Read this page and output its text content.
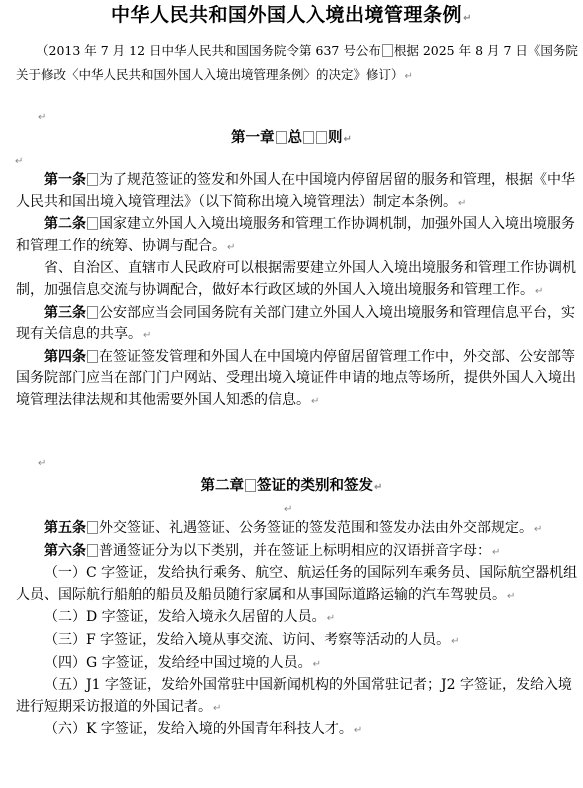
中华人民共和国外国人入境出境管理条例↵
（2013 年 7 月 12 日中华人民共和国国务院令第 637 号公布 根据 2025 年 8 月 7 日《国务院关于修改〈中华人民共和国外国人入境出境管理条例〉的决定》修订）↵
↵
第一章 总 则↵
↵

第一条 为了规范签证的签发和外国人在中国境内停留居留的服务和管理，根据《中华人民共和国出境入境管理法》（以下简称出境入境管理法）制定本条例。↵

第二条 国家建立外国人入境出境服务和管理工作协调机制，加强外国人入境出境服务和管理工作的统筹、协调与配合。↵

省、自治区、直辖市人民政府可以根据需要建立外国人入境出境服务和管理工作协调机制，加强信息交流与协调配合，做好本行政区域的外国人入境出境服务和管理工作。↵

第三条 公安部应当会同国务院有关部门建立外国人入境出境服务和管理信息平台，实现有关信息的共享。↵

第四条 在签证签发管理和外国人在中国境内停留居留管理工作中，外交部、公安部等国务院部门应当在部门门户网站、受理出境入境证件申请的地点等场所，提供外国人入境出境管理法律法规和其他需要外国人知悉的信息。↵

↵
第二章 签证的类别和签发↵
↵

第五条 外交签证、礼遇签证、公务签证的签发范围和签发办法由外交部规定。↵

第六条 普通签证分为以下类别，并在签证上标明相应的汉语拼音字母：↵

（一）C 字签证，发给执行乘务、航空、航运任务的国际列车乘务员、国际航空器机组人员、国际航行船舶的船员及船员随行家属和从事国际道路运输的汽车驾驶员。↵

（二）D 字签证，发给入境永久居留的人员。↵

（三）F 字签证，发给入境从事交流、访问、考察等活动的人员。↵

（四）G 字签证，发给经中国过境的人员。↵

（五）J1 字签证，发给外国常驻中国新闻机构的外国常驻记者；J2 字签证，发给入境进行短期采访报道的外国记者。↵

（六）K 字签证，发给入境的外国青年科技人才。↵
